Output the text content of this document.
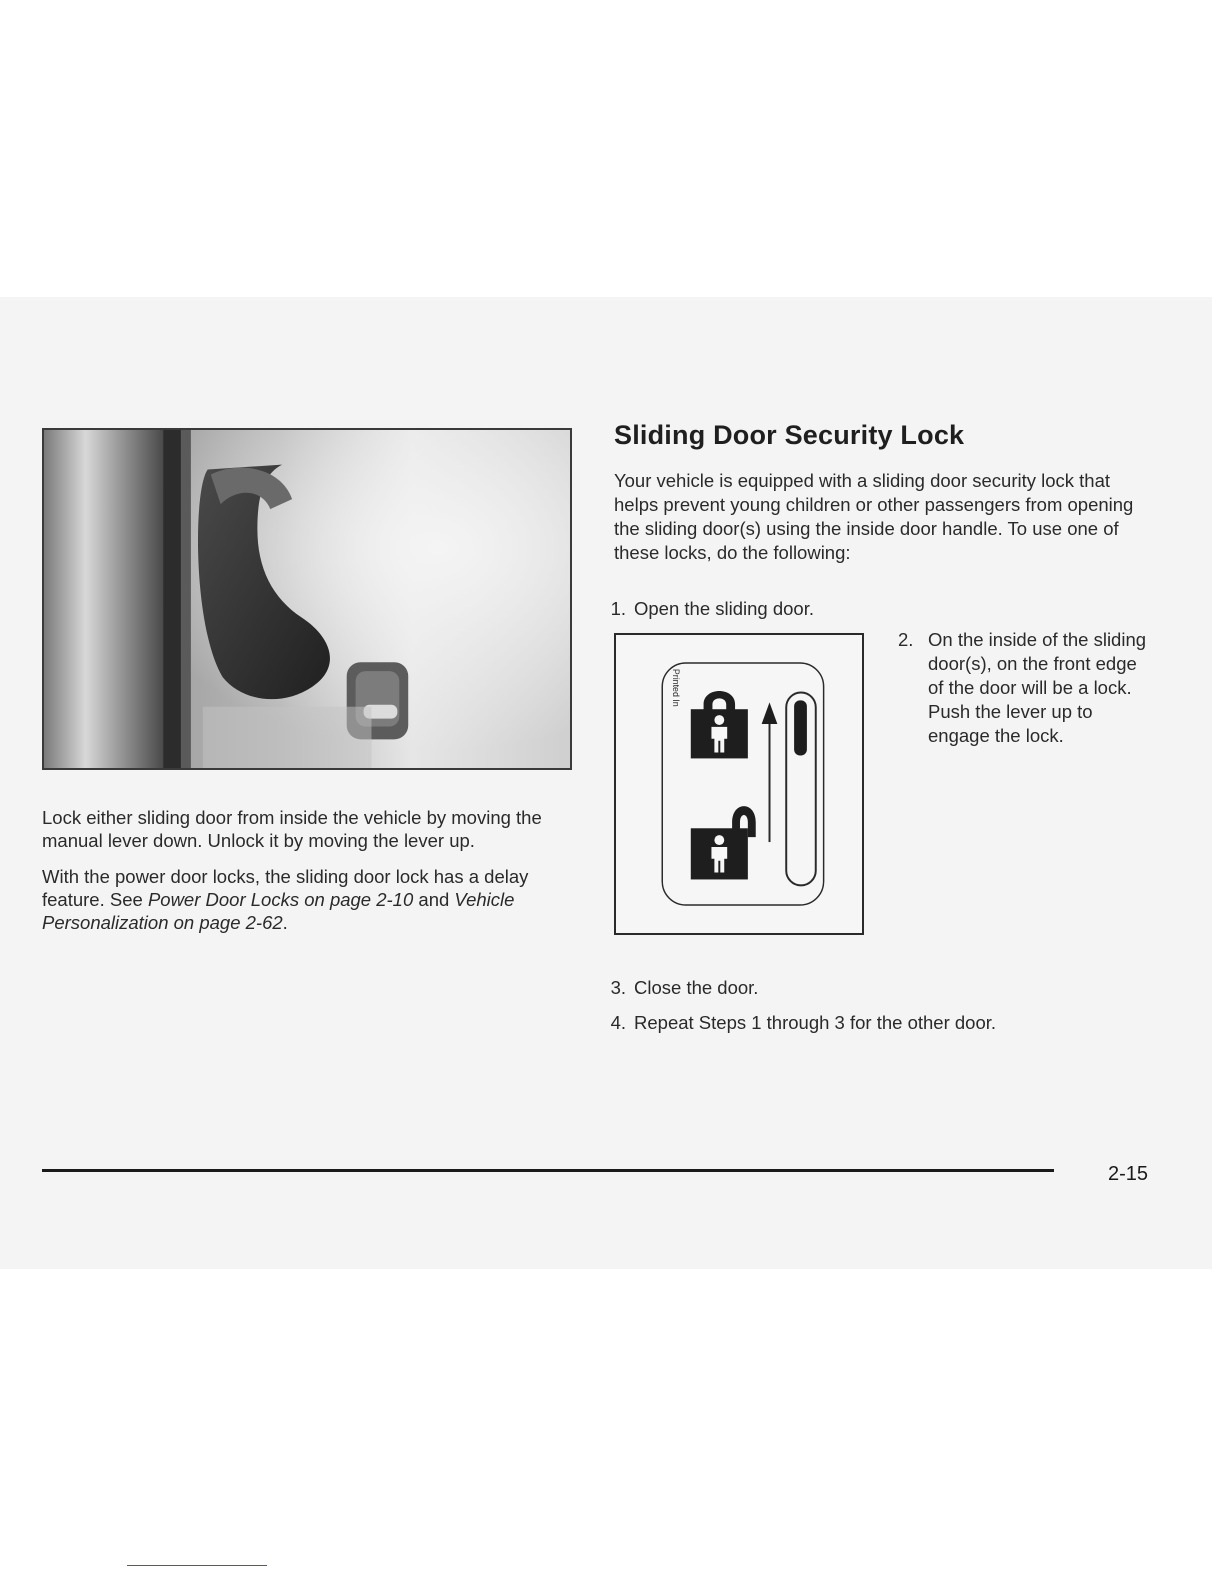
Lock either sliding door from inside the vehicle by moving the manual lever down. Unlock it by moving the lever up.

With the power door locks, the sliding door lock has a delay feature. See Power Door Locks on page 2-10 and Vehicle Personalization on page 2-62.

Sliding Door Security Lock

Your vehicle is equipped with a sliding door security lock that helps prevent young children or other passengers from opening the sliding door(s) using the inside door handle. To use one of these locks, do the following:

1. Open the sliding door.

Printed In

2. On the inside of the sliding door(s), on the front edge of the door will be a lock. Push the lever up to engage the lock.

3. Close the door.

4. Repeat Steps 1 through 3 for the other door.

2-15
